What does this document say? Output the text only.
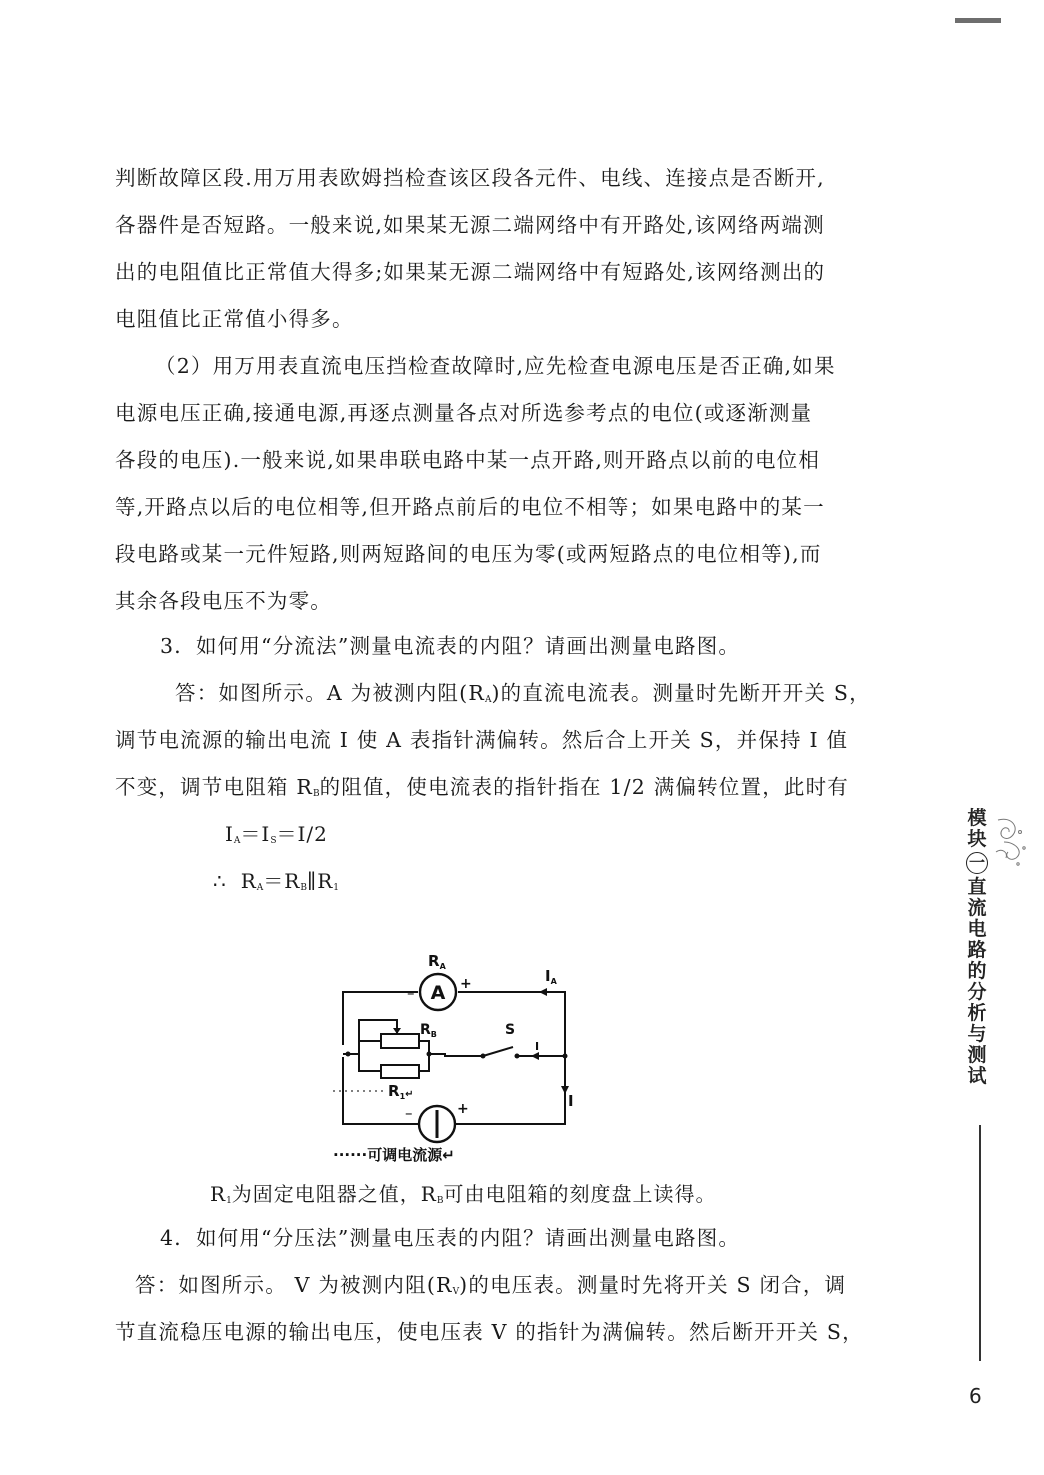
判断故障区段.用万用表欧姆挡检查该区段各元件、电线、连接点是否断开,
各器件是否短路。一般来说,如果某无源二端网络中有开路处,该网络两端测
出的电阻值比正常值大得多;如果某无源二端网络中有短路处,该网络测出的
电阻值比正常值小得多。
（2）用万用表直流电压挡检查故障时,应先检查电源电压是否正确,如果
电源电压正确,接通电源,再逐点测量各点对所选参考点的电位(或逐渐测量
各段的电压).一般来说,如果串联电路中某一点开路,则开路点以前的电位相
等,开路点以后的电位相等,但开路点前后的电位不相等；如果电路中的某一
段电路或某一元件短路,则两短路间的电压为零(或两短路点的电位相等),而
其余各段电压不为零。
3．如何用“分流法”测量电流表的内阻？请画出测量电路图。
答：如图所示。A 为被测内阻$(R_A)$的直流电流表。测量时先断开开关 S，
调节电流源的输出电流 I 使 A 表指针满偏转。然后合上开关 S，并保持 I 值
不变，调节电阻箱 $R_B$的阻值，使电流表的指针指在 1/2 满偏转位置，此时有
$I_A=I_S=I/2$
∴ $R_A=R_B\parallel R_1$
A
$R_A$
–	+	$I_A$
$R_B$	S
I
$R_1↵$	I
–	+
······可调电流源↵
$R_1$为固定电阻器之值，$R_B$可由电阻箱的刻度盘上读得。
4．如何用“分压法”测量电压表的内阻？请画出测量电路图。
答：如图所示。 V 为被测内阻$(R_V)$的电压表。测量时先将开关 S 闭合，调
节直流稳压电源的输出电压，使电压表 V 的指针为满偏转。然后断开开关 S，
模
块
一
直
流
电
路
的
分
析
与
测
试
6
